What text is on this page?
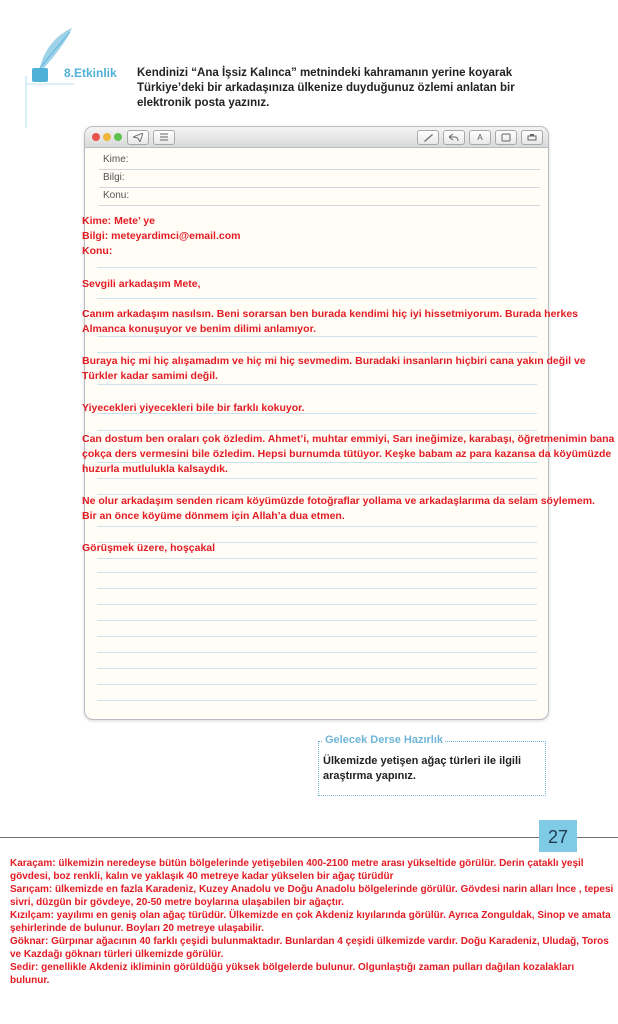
8.Etkinlik Kendinizi “Ana İşsiz Kalınca” metnindeki kahramanın yerine koyarak Türkiye’deki bir arkadaşınıza ülkenize duyduğunuz özlemi anlatan bir elektronik posta yazınız.

A
Kime:
Bilgi:
Konu:
Kime: Mete’ ye
Bilgi: meteyardimci@email.com
Konu:

Sevgili arkadaşım Mete,

Canım arkadaşım nasılsın. Beni sorarsan ben burada kendimi hiç iyi hissetmiyorum. Burada herkes Almanca konuşuyor ve benim dilimi anlamıyor.

Buraya hiç mi hiç alışamadım ve hiç mi hiç sevmedim. Buradaki insanların hiçbiri cana yakın değil ve Türkler kadar samimi değil.

Yiyecekleri yiyecekleri bile bir farklı kokuyor.

Can dostum ben oraları çok özledim. Ahmet’i, muhtar emmiyi, Sarı ineğimize, karabaşı, öğretmenimin bana çokça ders vermesini bile özledim. Hepsi burnumda tütüyor. Keşke babam az para kazansa da köyümüzde huzurla mutlulukla kalsaydık.

Ne olur arkadaşım senden ricam köyümüzde fotoğraflar yollama ve arkadaşlarıma da selam söylemem. Bir an önce köyüme dönmem için Allah’a dua etmen.

Görüşmek üzere, hoşçakal

Gelecek Derse Hazırlık

Ülkemizde yetişen ağaç türleri ile ilgili araştırma yapınız.

27

Karaçam: ülkemizin neredeyse bütün bölgelerinde yetişebilen 400-2100 metre arası yükseltide görülür. Derin çataklı yeşil gövdesi, boz renkli, kalın ve yaklaşık 40 metreye kadar yükselen bir ağaç türüdür

Sarıçam: ülkemizde en fazla Karadeniz, Kuzey Anadolu ve Doğu Anadolu bölgelerinde görülür. Gövdesi narin alları İnce , tepesi sivri, düzgün bir gövdeye, 20-50 metre boylarına ulaşabilen bir ağaçtır.

Kızılçam: yayılımı en geniş olan ağaç türüdür. Ülkemizde en çok Akdeniz kıyılarında görülür. Ayrıca Zonguldak, Sinop ve amata şehirlerinde de bulunur. Boyları 20 metreye ulaşabilir.

Göknar: Gürpınar ağacının 40 farklı çeşidi bulunmaktadır. Bunlardan 4 çeşidi ülkemizde vardır. Doğu Karadeniz, Uludağ, Toros ve Kazdağı göknarı türleri ülkemizde görülür.

Sedir: genellikle Akdeniz ikliminin görüldüğü yüksek bölgelerde bulunur. Olgunlaştığı zaman pulları dağılan kozalakları bulunur.
